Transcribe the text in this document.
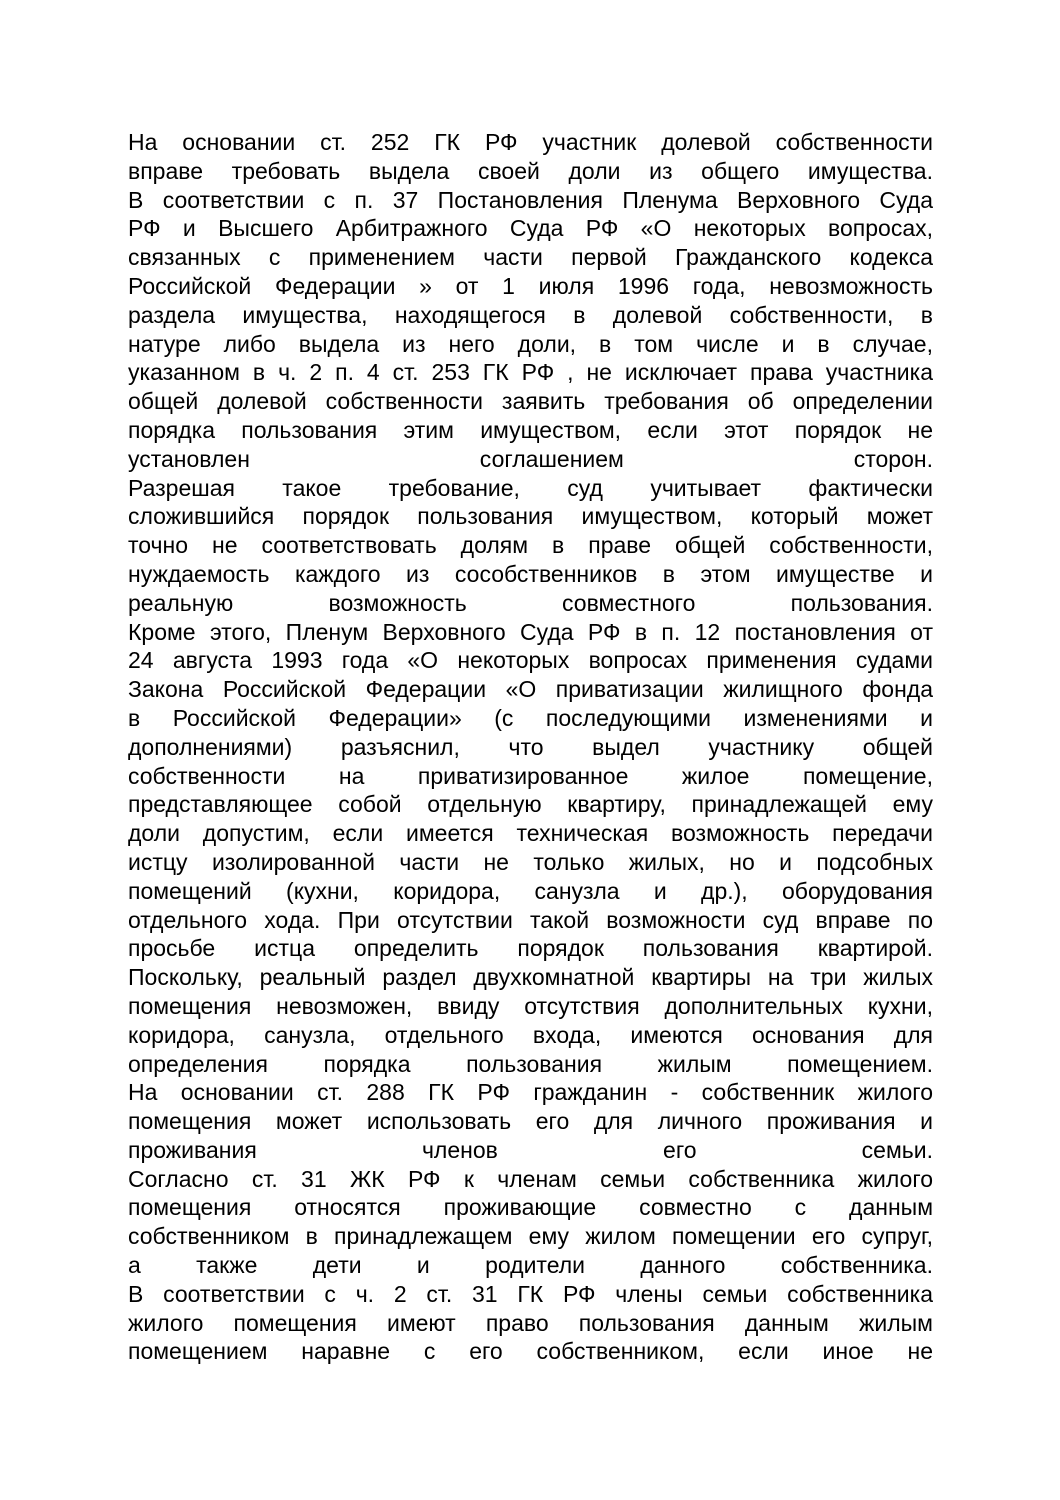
На основании ст. 252 ГК РФ участник долевой собственности
вправе требовать выдела своей доли из общего имущества.
В соответствии с п. 37 Постановления Пленума Верховного Суда
РФ и Высшего Арбитражного Суда РФ «О некоторых вопросах,
связанных с применением части первой Гражданского кодекса
Российской Федерации » от 1 июля 1996 года, невозможность
раздела имущества, находящегося в долевой собственности, в
натуре либо выдела из него доли, в том числе и в случае,
указанном в ч. 2 п. 4 ст. 253 ГК РФ , не исключает права участника
общей долевой собственности заявить требования об определении
порядка пользования этим имуществом, если этот порядок не
установлен соглашением сторон.
Разрешая такое требование, суд учитывает фактически
сложившийся порядок пользования имуществом, который может
точно не соответствовать долям в праве общей собственности,
нуждаемость каждого из сособственников в этом имуществе и
реальную возможность совместного пользования.
Кроме этого, Пленум Верховного Суда РФ в п. 12 постановления от
24 августа 1993 года «О некоторых вопросах применения судами
Закона Российской Федерации «О приватизации жилищного фонда
в Российской Федерации» (с последующими изменениями и
дополнениями) разъяснил, что выдел участнику общей
собственности на приватизированное жилое помещение,
представляющее собой отдельную квартиру, принадлежащей ему
доли допустим, если имеется техническая возможность передачи
истцу изолированной части не только жилых, но и подсобных
помещений (кухни, коридора, санузла и др.), оборудования
отдельного хода. При отсутствии такой возможности суд вправе по
просьбе истца определить порядок пользования квартирой.
Поскольку, реальный раздел двухкомнатной квартиры на три жилых
помещения невозможен, ввиду отсутствия дополнительных кухни,
коридора, санузла, отдельного входа, имеются основания для
определения порядка пользования жилым помещением.
На основании ст. 288 ГК РФ гражданин - собственник жилого
помещения может использовать его для личного проживания и
проживания членов его семьи.
Согласно ст. 31 ЖК РФ к членам семьи собственника жилого
помещения относятся проживающие совместно с данным
собственником в принадлежащем ему жилом помещении его супруг,
а также дети и родители данного собственника.
В соответствии с ч. 2 ст. 31 ГК РФ члены семьи собственника
жилого помещения имеют право пользования данным жилым
помещением наравне с его собственником, если иное не
